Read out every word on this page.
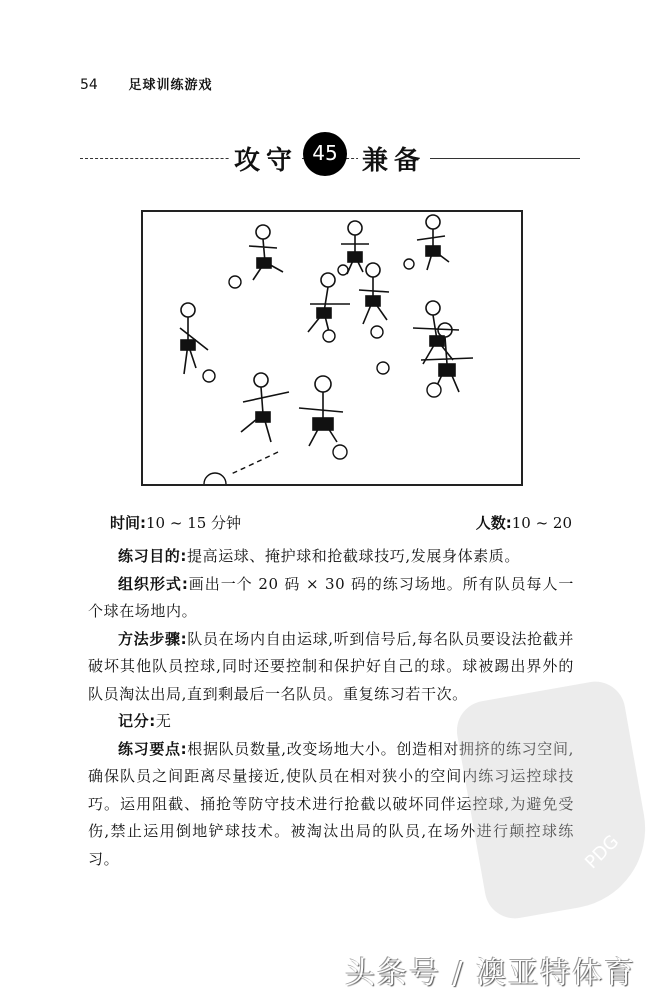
54 足球训练游戏
攻守 45 兼备
时间:10 ~ 15 分钟	人数:10 ~ 20

练习目的:提高运球、掩护球和抢截球技巧,发展身体素质。

组织形式:画出一个 20 码 × 30 码的练习场地。所有队员每人一个球在场地内。

方法步骤:队员在场内自由运球,听到信号后,每名队员要设法抢截并破坏其他队员控球,同时还要控制和保护好自己的球。球被踢出界外的队员淘汰出局,直到剩最后一名队员。重复练习若干次。

记分:无

练习要点:根据队员数量,改变场地大小。创造相对拥挤的练习空间,确保队员之间距离尽量接近,使队员在相对狭小的空间内练习运控球技巧。运用阻截、捅抢等防守技术进行抢截以破坏同伴运控球,为避免受伤,禁止运用倒地铲球技术。被淘汰出局的队员,在场外进行颠控球练习。	PDG
头条号 / 澳亚特体育
